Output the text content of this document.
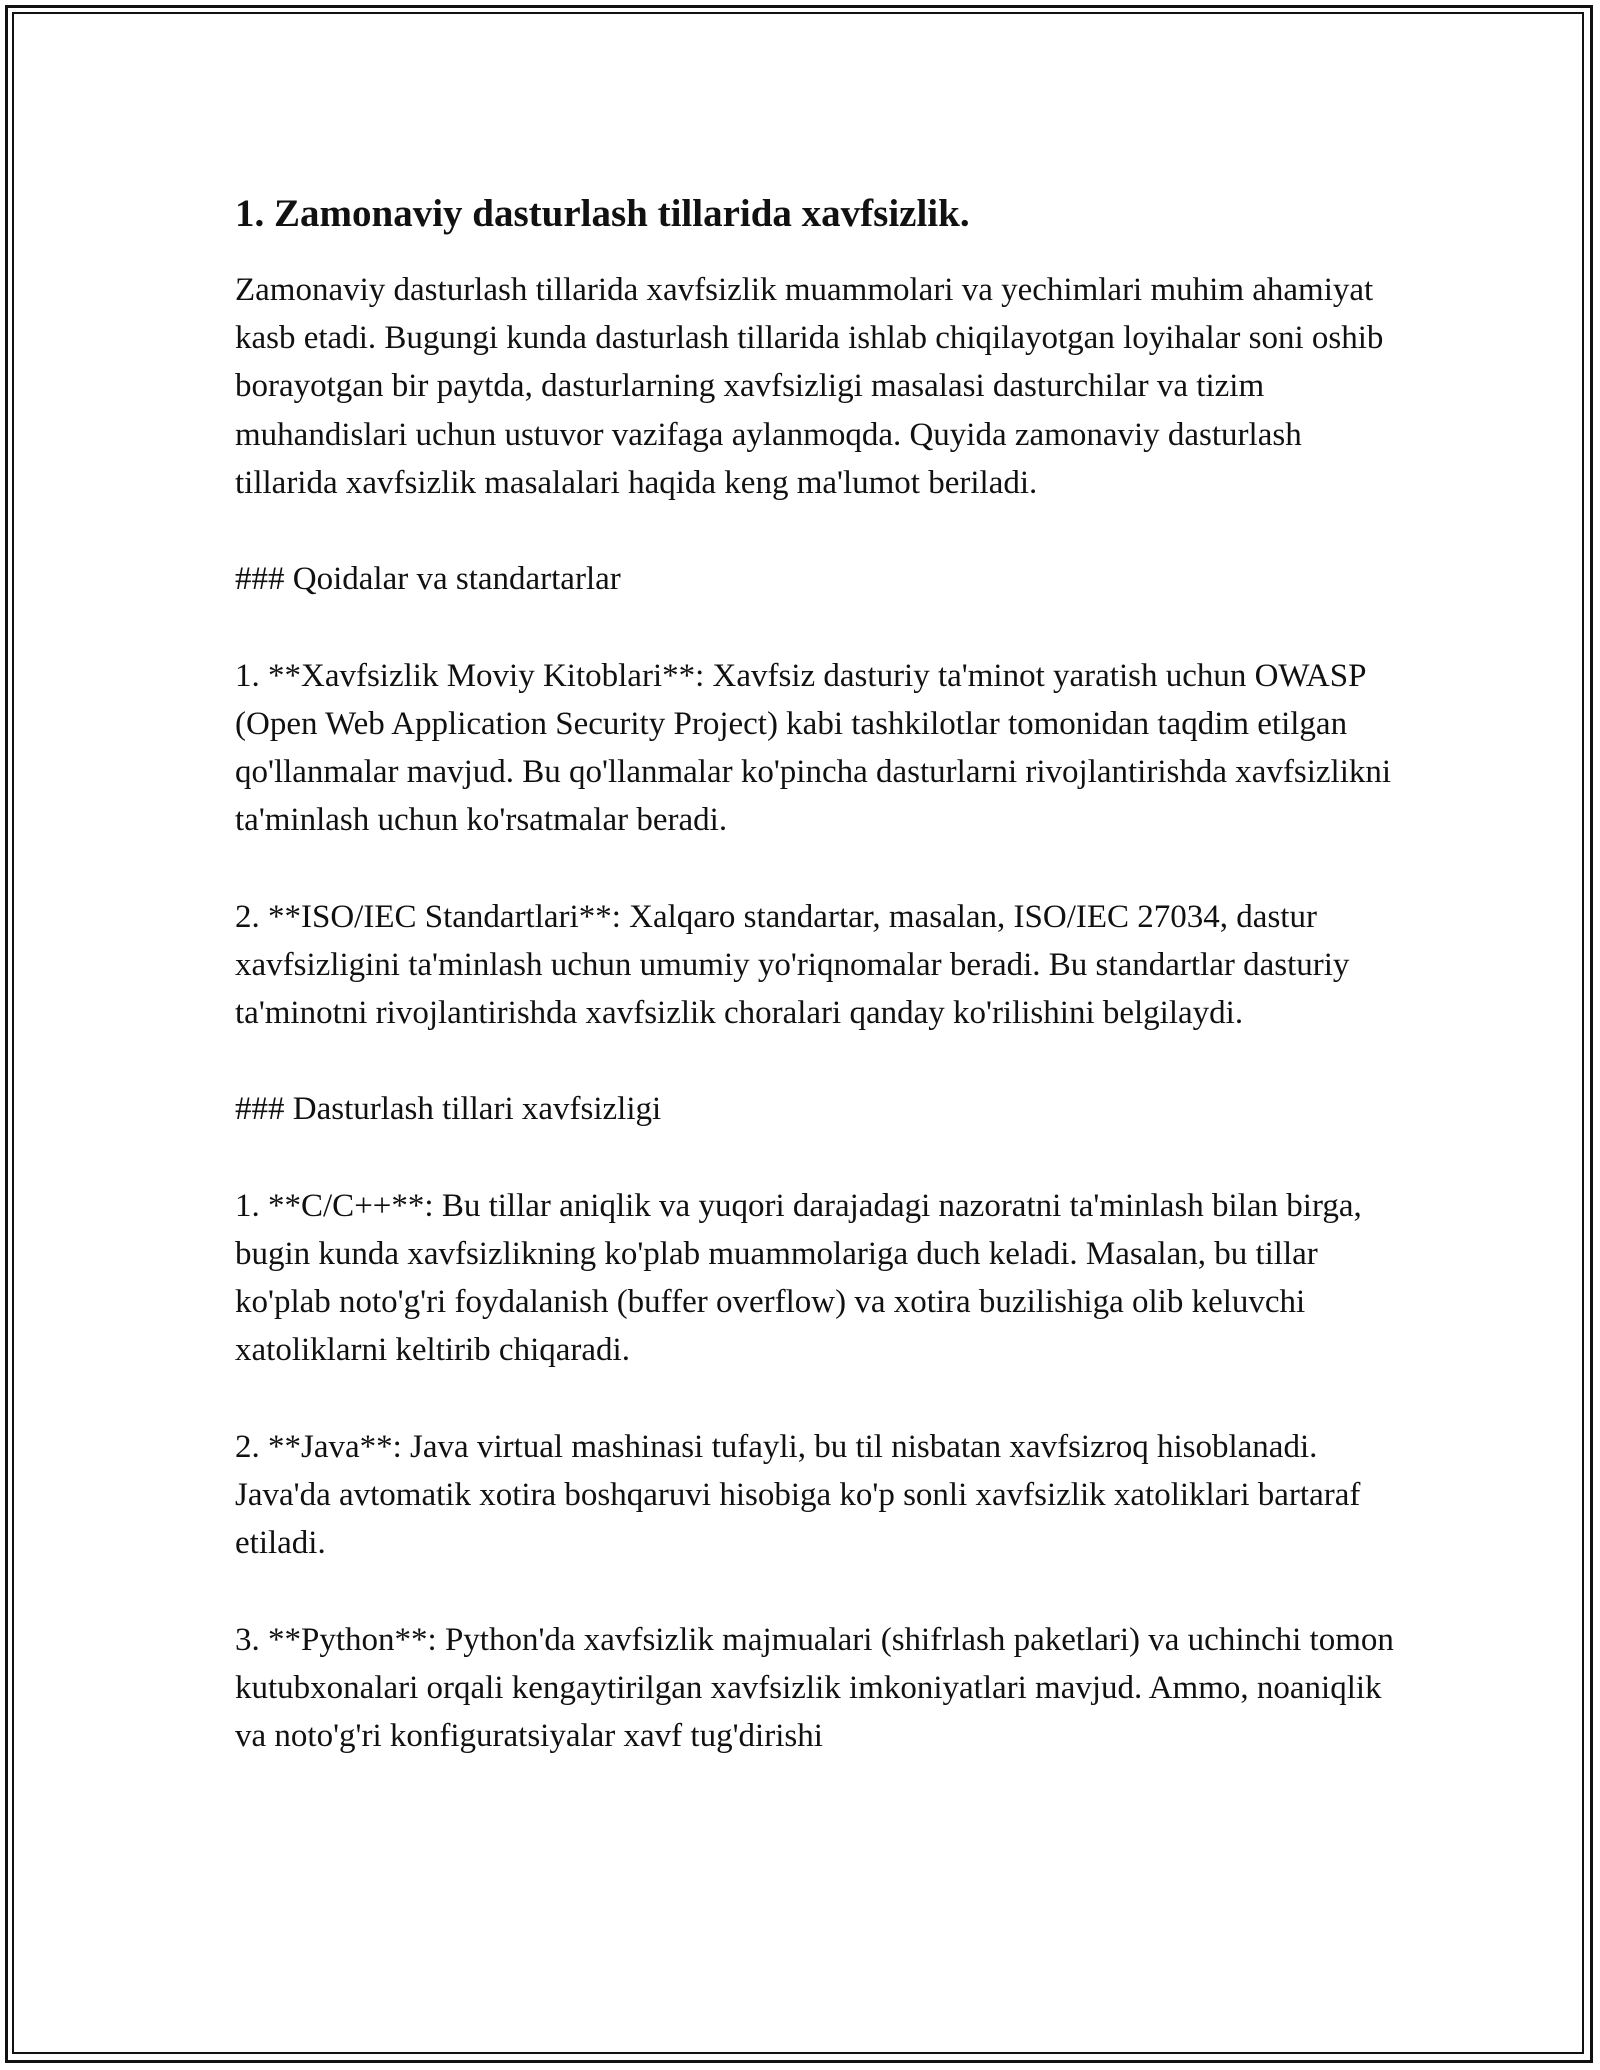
1. Zamonaviy dasturlash tillarida xavfsizlik.

Zamonaviy dasturlash tillarida xavfsizlik muammolari va yechimlari muhim ahamiyat kasb etadi. Bugungi kunda dasturlash tillarida ishlab chiqilayotgan loyihalar soni oshib borayotgan bir paytda, dasturlarning xavfsizligi masalasi dasturchilar va tizim muhandislari uchun ustuvor vazifaga aylanmoqda. Quyida zamonaviy dasturlash tillarida xavfsizlik masalalari haqida keng ma'lumot beriladi.

### Qoidalar va standartarlar

1. **Xavfsizlik Moviy Kitoblari**: Xavfsiz dasturiy ta'minot yaratish uchun OWASP (Open Web Application Security Project) kabi tashkilotlar tomonidan taqdim etilgan qo'llanmalar mavjud. Bu qo'llanmalar ko'pincha dasturlarni rivojlantirishda xavfsizlikni ta'minlash uchun ko'rsatmalar beradi.

2. **ISO/IEC Standartlari**: Xalqaro standartar, masalan, ISO/IEC 27034, dastur xavfsizligini ta'minlash uchun umumiy yo'riqnomalar beradi. Bu standartlar dasturiy ta'minotni rivojlantirishda xavfsizlik choralari qanday ko'rilishini belgilaydi.

### Dasturlash tillari xavfsizligi

1. **C/C++**: Bu tillar aniqlik va yuqori darajadagi nazoratni ta'minlash bilan birga, bugin kunda xavfsizlikning ko'plab muammolariga duch keladi. Masalan, bu tillar ko'plab noto'g'ri foydalanish (buffer overflow) va xotira buzilishiga olib keluvchi xatoliklarni keltirib chiqaradi.

2. **Java**: Java virtual mashinasi tufayli, bu til nisbatan xavfsizroq hisoblanadi. Java'da avtomatik xotira boshqaruvi hisobiga ko'p sonli xavfsizlik xatoliklari bartaraf etiladi.

3. **Python**: Python'da xavfsizlik majmualari (shifrlash paketlari) va uchinchi tomon kutubxonalari orqali kengaytirilgan xavfsizlik imkoniyatlari mavjud. Ammo, noaniqlik va noto'g'ri konfiguratsiyalar xavf tug'dirishi
